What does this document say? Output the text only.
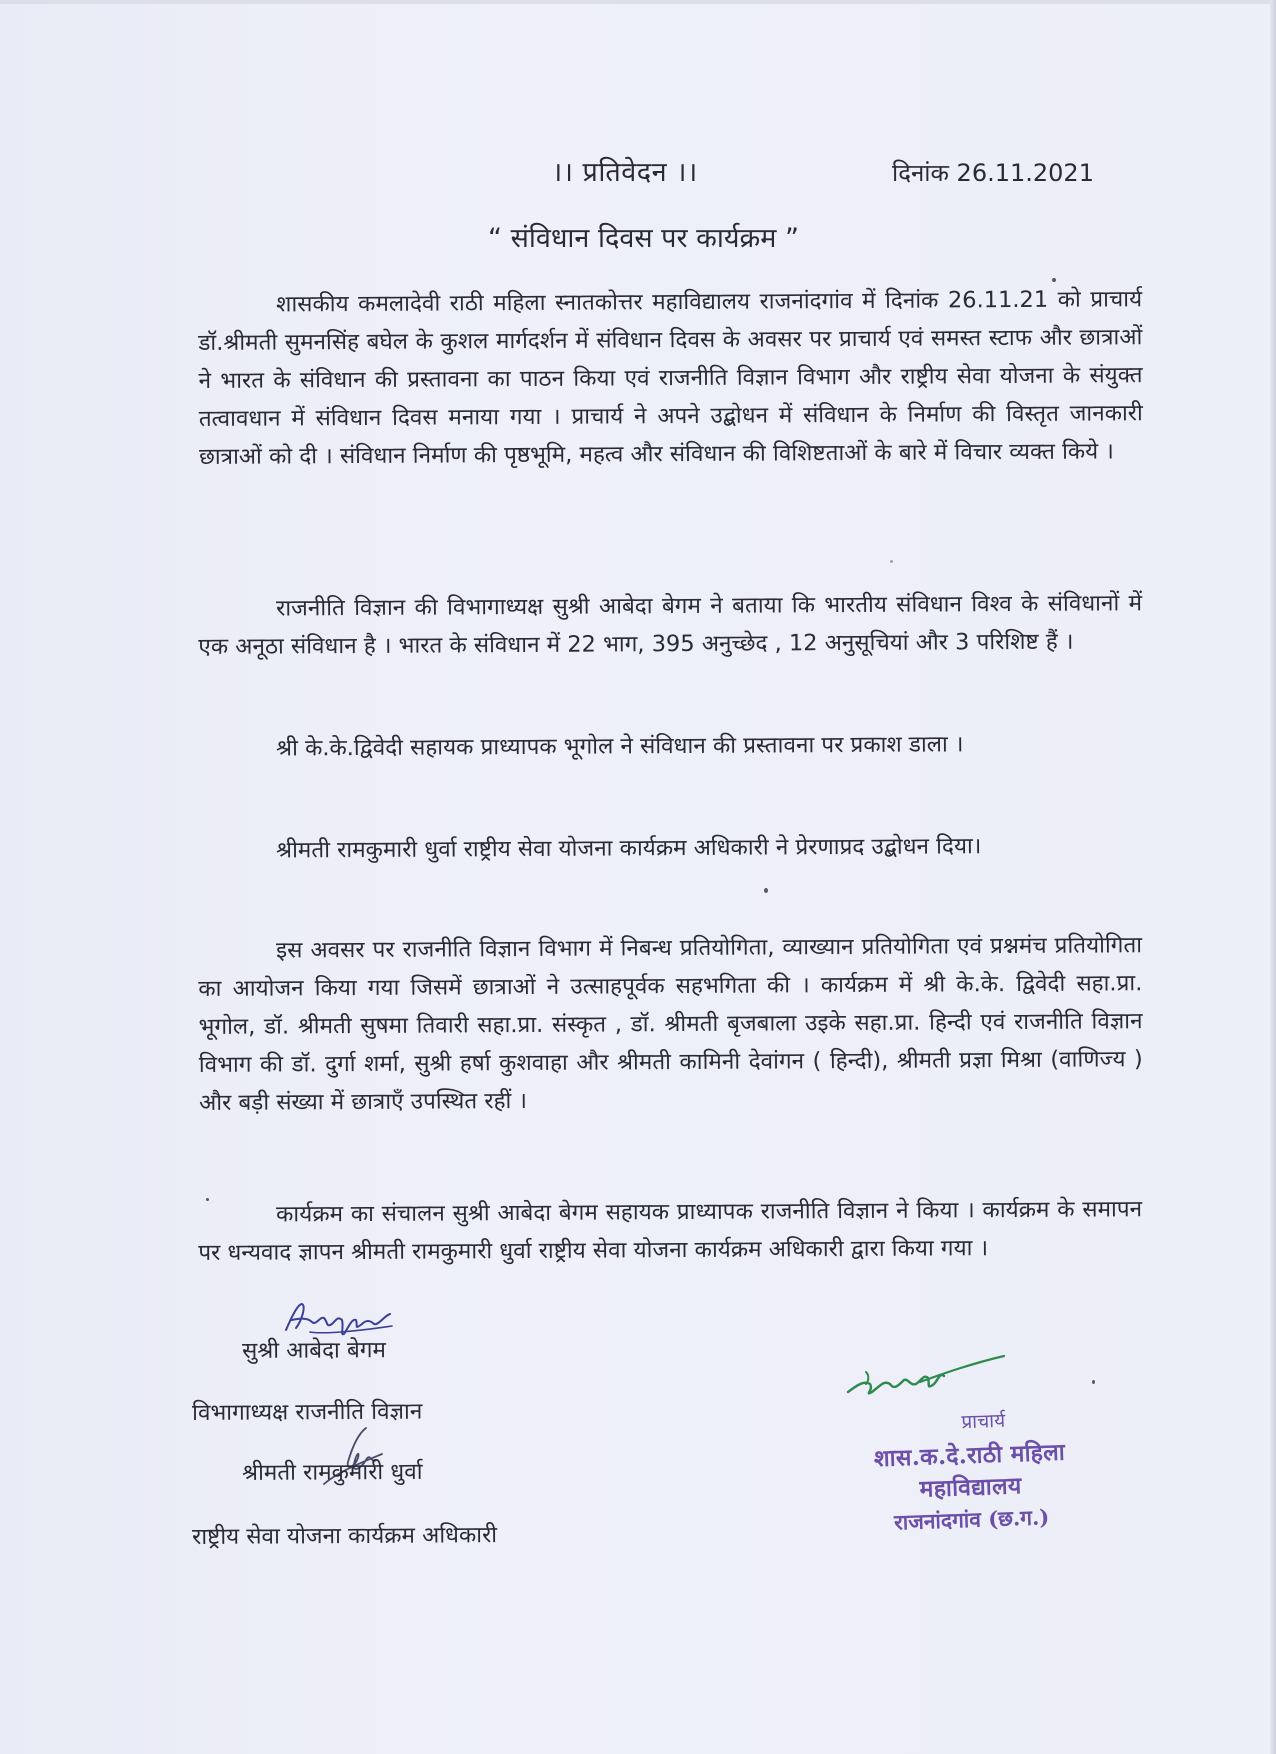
।। प्रतिवेदन ।।	दिनांक 26.11.2021
“ संविधान दिवस पर कार्यक्रम ”

शासकीय कमलादेवी राठी महिला स्नातकोत्तर महाविद्यालय राजनांदगांव में दिनांक 26.11.21 को प्राचार्य डॉ.श्रीमती सुमनसिंह बघेल के कुशल मार्गदर्शन में संविधान दिवस के अवसर पर प्राचार्य एवं समस्त स्टाफ और छात्राओं ने भारत के संविधान की प्रस्तावना का पाठन किया एवं राजनीति विज्ञान विभाग और राष्ट्रीय सेवा योजना के संयुक्त तत्वावधान में संविधान दिवस मनाया गया । प्राचार्य ने अपने उद्बोधन में संविधान के निर्माण की विस्तृत जानकारी छात्राओं को दी । संविधान निर्माण की पृष्ठभूमि, महत्व और संविधान की विशिष्टताओं के बारे में विचार व्यक्त किये ।

राजनीति विज्ञान की विभागाध्यक्ष सुश्री आबेदा बेगम ने बताया कि भारतीय संविधान विश्व के संविधानों में एक अनूठा संविधान है । भारत के संविधान में 22 भाग, 395 अनुच्छेद , 12 अनुसूचियां और 3 परिशिष्ट हैं ।

श्री के.के.द्विवेदी सहायक प्राध्यापक भूगोल ने संविधान की प्रस्तावना पर प्रकाश डाला ।

श्रीमती रामकुमारी धुर्वा राष्ट्रीय सेवा योजना कार्यक्रम अधिकारी ने प्रेरणाप्रद उद्बोधन दिया।

इस अवसर पर राजनीति विज्ञान विभाग में निबन्ध प्रतियोगिता, व्याख्यान प्रतियोगिता एवं प्रश्नमंच प्रतियोगिता का आयोजन किया गया जिसमें छात्राओं ने उत्साहपूर्वक सहभगिता की । कार्यक्रम में श्री के.के. द्विवेदी सहा.प्रा. भूगोल, डॉ. श्रीमती सुषमा तिवारी सहा.प्रा. संस्कृत , डॉ. श्रीमती बृजबाला उइके सहा.प्रा. हिन्दी एवं राजनीति विज्ञान विभाग की डॉ. दुर्गा शर्मा, सुश्री हर्षा कुशवाहा और श्रीमती कामिनी देवांगन ( हिन्दी), श्रीमती प्रज्ञा मिश्रा (वाणिज्य ) और बड़ी संख्या में छात्राएँ उपस्थित रहीं ।

कार्यक्रम का संचालन सुश्री आबेदा बेगम सहायक प्राध्यापक राजनीति विज्ञान ने किया । कार्यक्रम के समापन पर धन्यवाद ज्ञापन श्रीमती रामकुमारी धुर्वा राष्ट्रीय सेवा योजना कार्यक्रम अधिकारी द्वारा किया गया ।

सुश्री आबेदा बेगम
विभागाध्यक्ष राजनीति विज्ञान
श्रीमती रामकुमारी धुर्वा
राष्ट्रीय सेवा योजना कार्यक्रम अधिकारी
प्राचार्य
शास.क.दे.राठी महिला महाविद्यालय
राजनांदगांव (छ.ग.)
